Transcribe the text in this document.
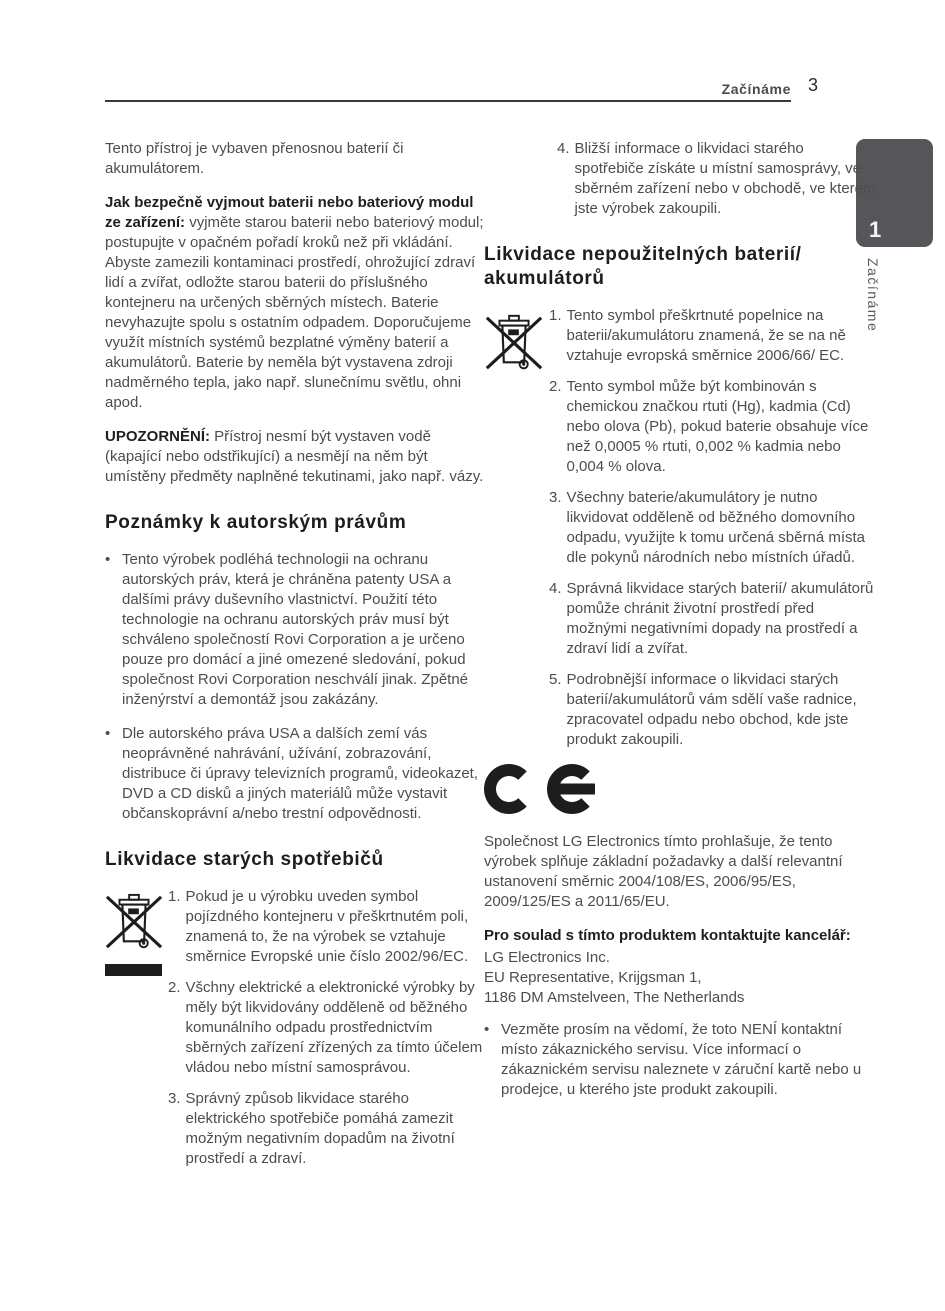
Začínáme 3
1
Začínáme

Tento přístroj je vybaven přenosnou baterií či akumulátorem.

Jak bezpečně vyjmout baterii nebo bateriový modul ze zařízení: vyjměte starou baterii nebo bateriový modul; postupujte v opačném pořadí kroků než při vkládání. Abyste zamezili kontaminaci prostředí, ohrožující zdraví lidí a zvířat, odložte starou baterii do příslušného kontejneru na určených sběrných místech. Baterie nevyhazujte spolu s ostatním odpadem. Doporučujeme využít místních systémů bezplatné výměny baterií a akumulátorů. Baterie by neměla být vystavena zdroji nadměrného tepla, jako např. slunečnímu světlu, ohni apod.

UPOZORNĚNÍ: Přístroj nesmí být vystaven vodě (kapající nebo odstřikující) a nesmějí na něm být umístěny předměty naplněné tekutinami, jako např. vázy.

Poznámky k autorským právům
• Tento výrobek podléhá technologii na ochranu autorských práv, která je chráněna patenty USA a dalšími právy duševního vlastnictví. Použití této technologie na ochranu autorských práv musí být schváleno společností Rovi Corporation a je určeno pouze pro domácí a jiné omezené sledování, pokud společnost Rovi Corporation neschválí jinak. Zpětné inženýrství a demontáž jsou zakázány.
• Dle autorského práva USA a dalších zemí vás neoprávněné nahrávání, užívání, zobrazování, distribuce či úpravy televizních programů, videokazet, DVD a CD disků a jiných materiálů může vystavit občanskoprávní a/nebo trestní odpovědnosti.
Likvidace starých spotřebičů
1. Pokud je u výrobku uveden symbol pojízdného kontejneru v přeškrtnutém poli, znamená to, že na výrobek se vztahuje směrnice Evropské unie číslo 2002/96/EC.
2. Všchny elektrické a elektronické výrobky by měly být likvidovány odděleně od běžného komunálního odpadu prostřednictvím sběrných zařízení zřízených za tímto účelem vládou nebo místní samosprávou.
3. Správný způsob likvidace starého elektrického spotřebiče pomáhá zamezit možným negativním dopadům na životní prostředí a zdraví.
4. Bližší informace o likvidaci starého spotřebiče získáte u místní samosprávy, ve sběrném zařízení nebo v obchodě, ve kterém jste výrobek zakoupili.
Likvidace nepoužitelných baterií/ akumulátorů
1. Tento symbol přeškrtnuté popelnice na baterii/akumulátoru znamená, že se na ně vztahuje evropská směrnice 2006/66/ EC.
2. Tento symbol může být kombinován s chemickou značkou rtuti (Hg), kadmia (Cd) nebo olova (Pb), pokud baterie obsahuje více než 0,0005 % rtuti, 0,002 % kadmia nebo 0,004 % olova.
3. Všechny baterie/akumulátory je nutno likvidovat odděleně od běžného domovního odpadu, využijte k tomu určená sběrná místa dle pokynů národních nebo místních úřadů.
4. Správná likvidace starých baterií/ akumulátorů pomůže chránit životní prostředí před možnými negativními dopady na prostředí a zdraví lidí a zvířat.
5. Podrobnější informace o likvidaci starých baterií/akumulátorů vám sdělí vaše radnice, zpracovatel odpadu nebo obchod, kde jste produkt zakoupili.

Společnost LG Electronics tímto prohlašuje, že tento výrobek splňuje základní požadavky a další relevantní ustanovení směrnic 2004/108/ES, 2006/95/ES, 2009/125/ES a 2011/65/EU.

Pro soulad s tímto produktem kontaktujte kancelář:

LG Electronics Inc.

EU Representative, Krijgsman 1,

1186 DM Amstelveen, The Netherlands

• Vezměte prosím na vědomí, že toto NENÍ kontaktní místo zákaznického servisu. Více informací o zákaznickém servisu naleznete v záruční kartě nebo u prodejce, u kterého jste produkt zakoupili.
